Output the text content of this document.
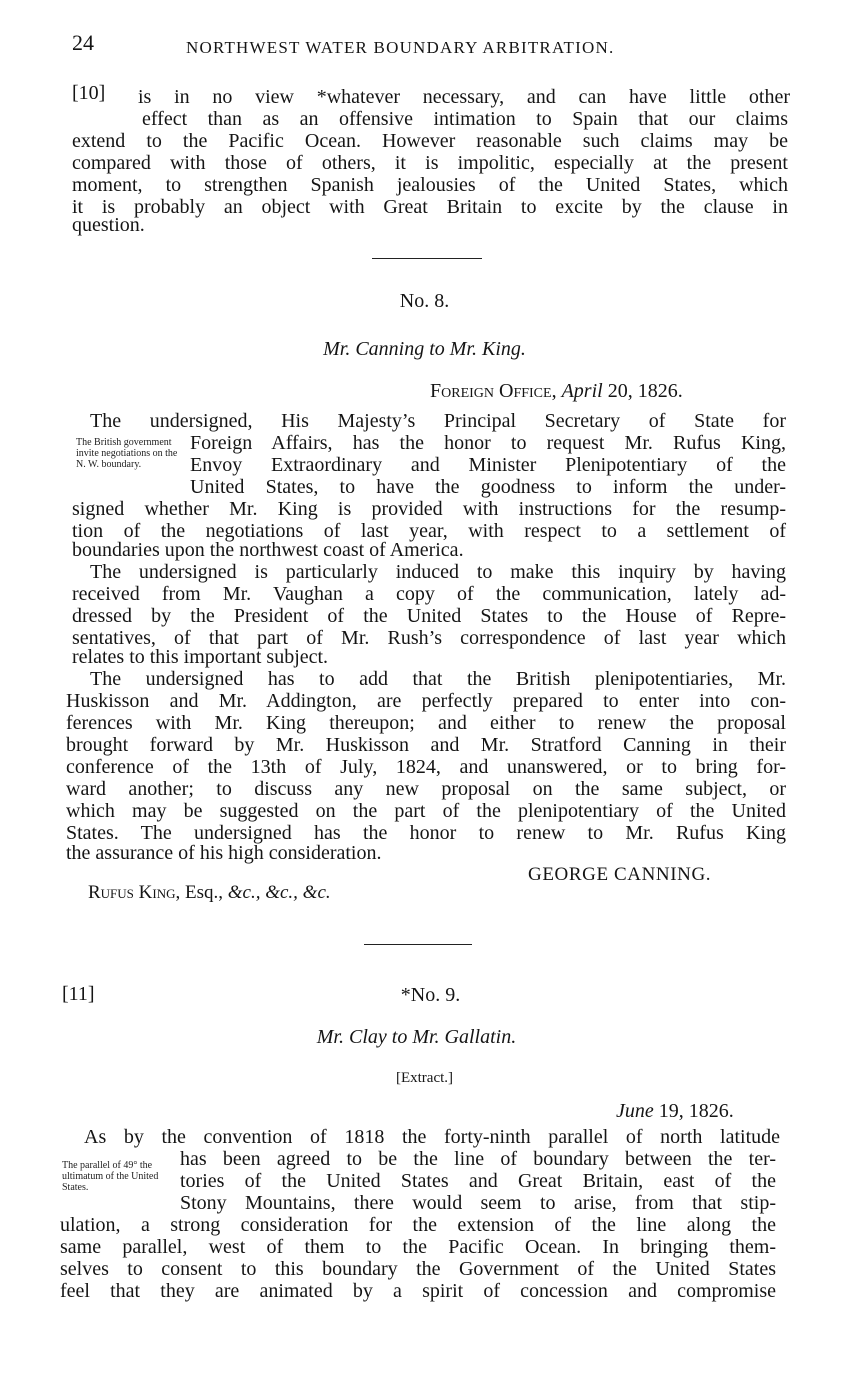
24	NORTHWEST WATER BOUNDARY ARBITRATION.
[10] is in no view *whatever necessary, and can have little other
effect than as an offensive intimation to Spain that our claims
extend to the Pacific Ocean. However reasonable such claims may be
compared with those of others, it is impolitic, especially at the present
moment, to strengthen Spanish jealousies of the United States, which
it is probably an object with Great Britain to excite by the clause in
question.
No. 8.
Mr. Canning to Mr. King.
Foreign Office, April 20, 1826.
The British government invite negotiations on the N. W. boundary.
The undersigned, His Majesty’s Principal Secretary of State for
Foreign Affairs, has the honor to request Mr. Rufus King,
Envoy Extraordinary and Minister Plenipotentiary of the
United States, to have the goodness to inform the under-
signed whether Mr. King is provided with instructions for the resump-
tion of the negotiations of last year, with respect to a settlement of
boundaries upon the northwest coast of America.
The undersigned is particularly induced to make this inquiry by having
received from Mr. Vaughan a copy of the communication, lately ad-
dressed by the President of the United States to the House of Repre-
sentatives, of that part of Mr. Rush’s correspondence of last year which
relates to this important subject.
The undersigned has to add that the British plenipotentiaries, Mr.
Huskisson and Mr. Addington, are perfectly prepared to enter into con-
ferences with Mr. King thereupon; and either to renew the proposal
brought forward by Mr. Huskisson and Mr. Stratford Canning in their
conference of the 13th of July, 1824, and unanswered, or to bring for-
ward another; to discuss any new proposal on the same subject, or
which may be suggested on the part of the plenipotentiary of the United
States. The undersigned has the honor to renew to Mr. Rufus King
the assurance of his high consideration.
GEORGE CANNING.
Rufus King, Esq., &c., &c., &c.
[11]	*No. 9.
Mr. Clay to Mr. Gallatin.
[Extract.]
June 19, 1826.
The parallel of 49° the ultimatum of the United States.
As by the convention of 1818 the forty-ninth parallel of north latitude
has been agreed to be the line of boundary between the ter-
tories of the United States and Great Britain, east of the
Stony Mountains, there would seem to arise, from that stip-
ulation, a strong consideration for the extension of the line along the
same parallel, west of them to the Pacific Ocean. In bringing them-
selves to consent to this boundary the Government of the United States
feel that they are animated by a spirit of concession and compromise
